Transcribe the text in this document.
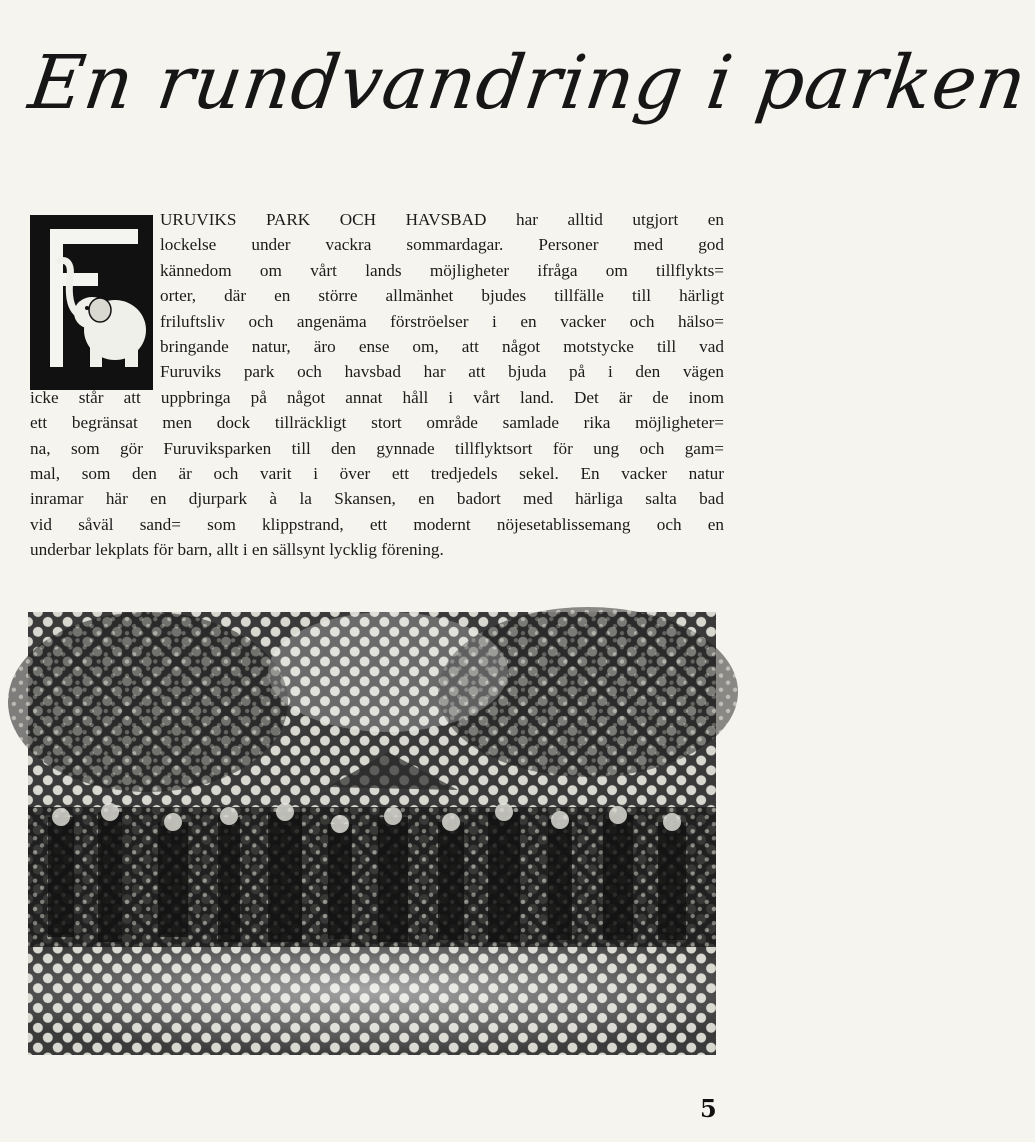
En rundvandring i parken
URUVIKS PARK OCH HAVSBAD har alltid utgjort en
lockelse under vackra sommardagar. Personer med god
kännedom om vårt lands möjligheter ifråga om tillflykts=
orter, där en större allmänhet bjudes tillfälle till härligt
friluftsliv och angenäma förströelser i en vacker och hälso=
bringande natur, äro ense om, att något motstycke till vad
Furuviks park och havsbad har att bjuda på i den vägen
icke står att uppbringa på något annat håll i vårt land. Det är de inom
ett begränsat men dock tillräckligt stort område samlade rika möjligheter=
na, som gör Furuviksparken till den gynnade tillflyktsort för ung och gam=
mal, som den är och varit i över ett tredjedels sekel. En vacker natur
inramar här en djurpark à la Skansen, en badort med härliga salta bad
vid såväl sand= som klippstrand, ett modernt nöjesetablissemang och en
underbar lekplats för barn, allt i en sällsynt lycklig förening.
5
